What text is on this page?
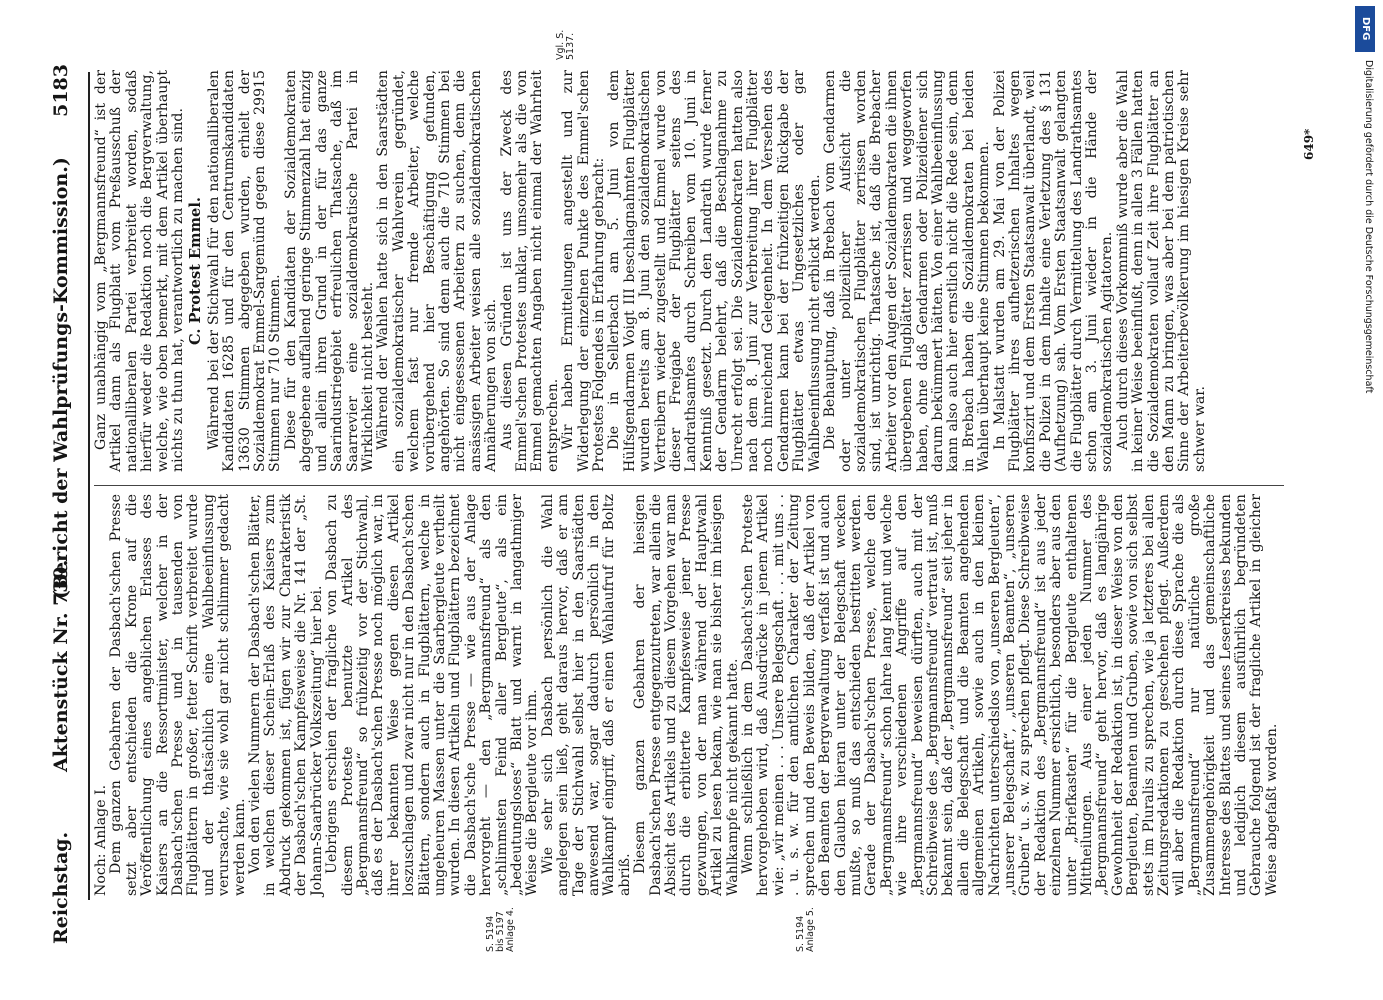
Reichstag.
Aktenstück Nr. 739.
(Bericht der Wahlprüfungs-Kommission.)
5183

Noch: Anlage I. Dem ganzen Gebahren der Dasbach'schen Presse setzt aber entschieden die Krone auf die Veröffentlichung eines angeblichen Erlasses des Kaisers an die Ressortminister, welcher in der Dasbach'schen Presse und in tausenden von Flugblättern in großer, fetter Schrift verbreitet wurde und der thatsächlich eine Wahlbeeinflussung verursachte, wie sie wohl gar nicht schlimmer gedacht werden kann. Von den vielen Nummern der Dasbach'schen Blätter, in welchen dieser Schein-Erlaß des Kaisers zum Abdruck gekommen ist, fügen wir zur Charakteristik der Dasbach'schen Kampfesweise die Nr. 141 der „St. Johann-Saarbrücker Volkszeitung“ hier bei. Uebrigens erschien der fragliche von Dasbach zu diesem Proteste benutzte Artikel des „Bergmannsfreund“ so frühzeitig vor der Stichwahl, daß es der Dasbach'schen Presse noch möglich war, in ihrer bekannten Weise gegen diesen Artikel loszuschlagen und zwar nicht nur in den Dasbach'schen Blättern, sondern auch in Flugblättern, welche in ungeheuren Massen unter die Saarbergleute vertheilt wurden. In diesen Artikeln und Flugblättern bezeichnet die Dasbach'sche Presse — wie aus der Anlage hervorgeht — den „Bergmannsfreund“ als den „schlimmsten Feind aller Bergleute“, als ein „bedeutungsloses“ Blatt und warnt in langathmiger Weise die Bergleute vor ihm. Wie sehr sich Dasbach persönlich die Wahl angelegen sein ließ, geht daraus hervor, daß er am Tage der Stichwahl selbst hier in den Saarstädten anwesend war, sogar dadurch persönlich in den Wahlkampf eingriff, daß er einen Wahlaufruf für Boltz abriß.

Diesem ganzen Gebahren der hiesigen Dasbach'schen Presse entgegenzutreten, war allein die Absicht des Artikels und zu diesem Vorgehen war man durch die erbitterte Kampfesweise jener Presse gezwungen, von der man während der Hauptwahl Artikel zu lesen bekam, wie man sie bisher im hiesigen Wahlkampfe nicht gekannt hatte. Wenn schließlich in dem Dasbach'schen Proteste hervorgehoben wird, daß Ausdrücke in jenem Artikel wie: „wir meinen . . . Unsere Belegschaft . . . mit uns . . . u. s. w. für den amtlichen Charakter der Zeitung sprechen und den Beweis bilden, daß der Artikel von den Beamten der Bergverwaltung verfaßt ist und auch den Glauben hieran unter der Belegschaft wecken mußte, so muß das entschieden bestritten werden. Gerade der Dasbach'schen Presse, welche den „Bergmannsfreund“ schon Jahre lang kennt und welche wie ihre verschiedenen Angriffe auf den „Bergmannsfreund“ beweisen dürften, auch mit der Schreibweise des „Bergmannsfreund“ vertraut ist, muß bekannt sein, daß der „Bergmannsfreund“ seit jeher in allen die Belegschaft und die Beamten angehenden allgemeinen Artikeln, sowie auch in den kleinen Nachrichten unterschiedslos von „unseren Bergleuten“, „unserer Belegschaft“, „unseren Beamten“, „unseren Gruben“ u. s. w. zu sprechen pflegt. Diese Schreibweise der Redaktion des „Bergmannsfreund“ ist aus jeder einzelnen Nummer ersichtlich, besonders aber aus den unter „Briefkasten“ für die Bergleute enthaltenen Mittheilungen. Aus einer jeden Nummer des „Bergmannsfreund“ geht hervor, daß es langjährige Gewohnheit der Redaktion ist, in dieser Weise von den Bergleuten, Beamten und Gruben, sowie von sich selbst stets im Pluralis zu sprechen, wie ja letzteres bei allen Zeitungsredaktionen zu geschehen pflegt. Außerdem will aber die Redaktion durch diese Sprache die als „Bergmannsfreund“ nur natürliche große Zusammengehörigkeit und das gemeinschaftliche Interesse des Blattes und seines Leserkreises bekunden und lediglich diesem ausführlich begründeten Gebrauche folgend ist der fragliche Artikel in gleicher Weise abgefaßt worden.

Ganz unabhängig vom „Bergmannsfreund“ ist der Artikel dann als Flugblatt vom Preßausschuß der nationalliberalen Partei verbreitet worden, sodaß hierfür weder die Redaktion noch die Bergverwaltung, welche, wie oben bemerkt, mit dem Artikel überhaupt nichts zu thun hat, verantwortlich zu machen sind. C. Protest Emmel. Während bei der Stichwahl für den nationalliberalen Kandidaten 16285 und für den Centrumskandidaten 13630 Stimmen abgegeben wurden, erhielt der Sozialdemokrat Emmel-Sargemünd gegen diese 29915 Stimmen nur 710 Stimmen. Diese für den Kandidaten der Sozialdemokraten abgegebene auffallend geringe Stimmenzahl hat einzig und allein ihren Grund in der für das ganze Saarindustriegebiet erfreulichen Thatsache, daß im Saarrevier eine sozialdemokratische Partei in Wirklichkeit nicht besteht. Während der Wahlen hatte sich in den Saarstädten ein sozialdemokratischer Wahlverein gegründet, welchem fast nur fremde Arbeiter, welche vorübergehend hier Beschäftigung gefunden, angehörten. So sind denn auch die 710 Stimmen bei nicht eingesessenen Arbeitern zu suchen, denn die ansässigen Arbeiter weisen alle sozialdemokratischen Annäherungen von sich. Aus diesen Gründen ist uns der Zweck des Emmel'schen Protestes unklar, umsomehr als die von Emmel gemachten Angaben nicht einmal der Wahrheit entsprechen. Wir haben Ermittelungen angestellt und zur Widerlegung der einzelnen Punkte des Emmel'schen Protestes Folgendes in Erfahrung gebracht: Die in Sellerbach am 5. Juni von dem Hülfsgendarmen Voigt III beschlagnahmten Flugblätter wurden bereits am 8. Juni den sozialdemokratischen Vertreibern wieder zugestellt und Emmel wurde von dieser Freigabe der Flugblätter seitens des Landrathsamtes durch Schreiben vom 10. Juni in Kenntniß gesetzt. Durch den Landrath wurde ferner der Gendarm belehrt, daß die Beschlagnahme zu Unrecht erfolgt sei. Die Sozialdemokraten hatten also nach dem 8. Juni zur Verbreitung ihrer Flugblätter noch hinreichend Gelegenheit. In dem Versehen des Gendarmen kann bei der frühzeitigen Rückgabe der Flugblätter etwas Ungesetzliches oder gar Wahlbeeinflussung nicht erblickt werden. Die Behauptung, daß in Brebach vom Gendarmen oder unter polizeilicher Aufsicht die sozialdemokratischen Flugblätter zerrissen worden sind, ist unrichtig. Thatsache ist, daß die Brebacher Arbeiter vor den Augen der Sozialdemokraten die ihnen übergebenen Flugblätter zerrissen und weggeworfen haben, ohne daß Gendarmen oder Polizeidiener sich darum bekümmert hätten. Von einer Wahlbeeinflussung kann also auch hier ernstlich nicht die Rede sein, denn in Brebach haben die Sozialdemokraten bei beiden Wahlen überhaupt keine Stimmen bekommen. In Malstatt wurden am 29. Mai von der Polizei Flugblätter ihres aufhetzerischen Inhaltes wegen konfiszirt und dem Ersten Staatsanwalt überlandt, weil die Polizei in dem Inhalte eine Verletzung des § 131 (Aufhetzung) sah. Vom Ersten Staatsanwalt gelangten die Flugblätter durch Vermittelung des Landrathsamtes schon am 3. Juni wieder in die Hände der sozialdemokratischen Agitatoren. Auch durch dieses Vorkommniß wurde aber die Wahl in keiner Weise beeinflußt, denn in allen 3 Fällen hatten die Sozialdemokraten vollauf Zeit ihre Flugblätter an den Mann zu bringen, was aber bei dem patriotischen Sinne der Arbeiterbevölkerung im hiesigen Kreise sehr schwer war.

S. 5194 bis 5197 Anlage 4.	S. 5194 Anlage 5.
Vgl. S. 5137.
649*
DFG
Digitalisierung gefördert durch die Deutsche Forschungsgemeinschaft
